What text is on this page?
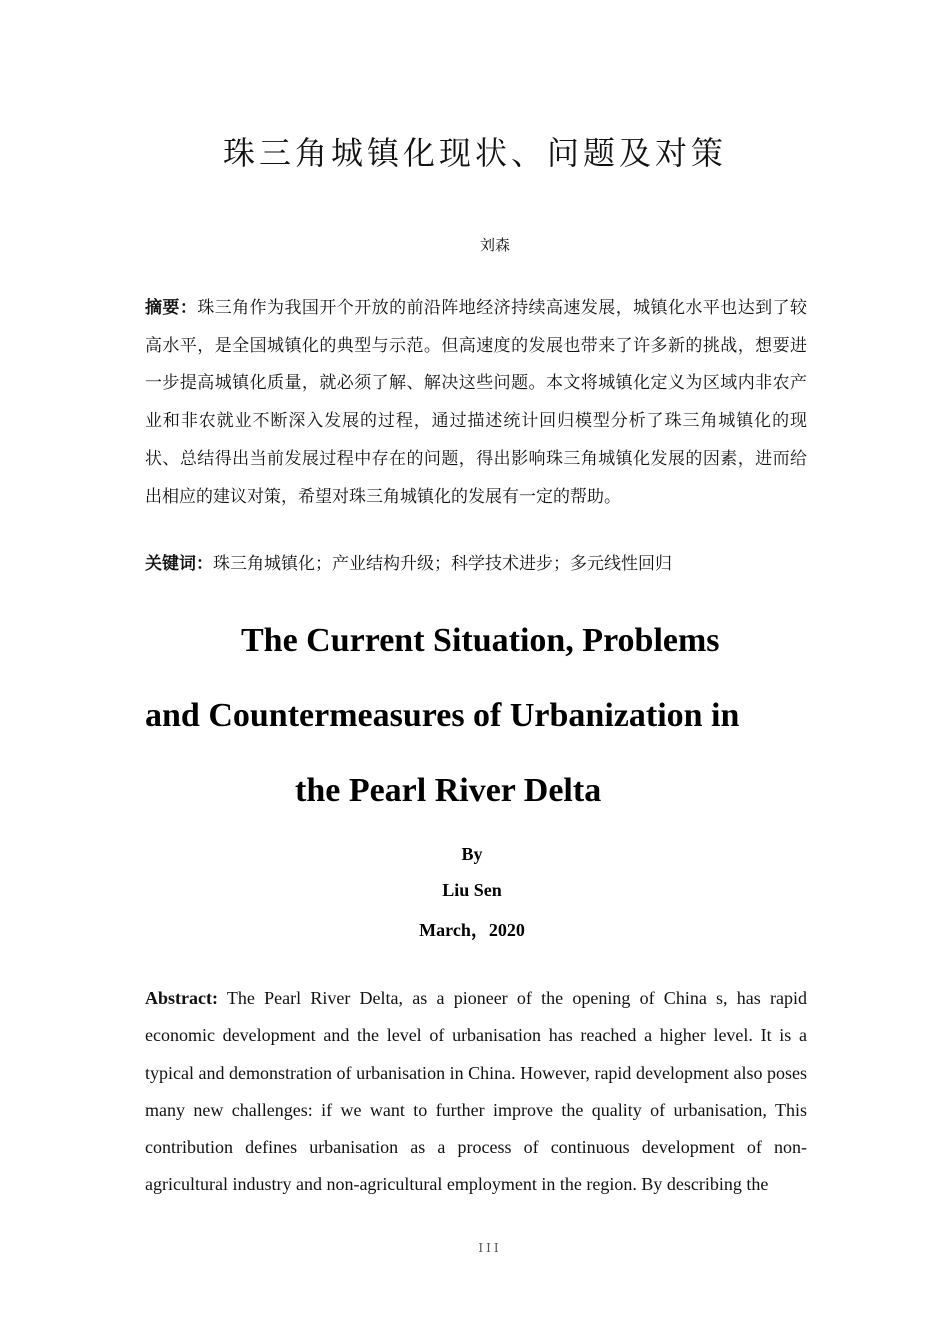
珠三角城镇化现状、问题及对策
刘森
摘要：珠三角作为我国开个开放的前沿阵地经济持续高速发展，城镇化水平也达到了较高水平，是全国城镇化的典型与示范。但高速度的发展也带来了许多新的挑战，想要进一步提高城镇化质量，就必须了解、解决这些问题。本文将城镇化定义为区域内非农产业和非农就业不断深入发展的过程，通过描述统计回归模型分析了珠三角城镇化的现状、总结得出当前发展过程中存在的问题，得出影响珠三角城镇化发展的因素，进而给出相应的建议对策，希望对珠三角城镇化的发展有一定的帮助。
关键词：珠三角城镇化；产业结构升级；科学技术进步；多元线性回归
The Current Situation, Problems
and Countermeasures of Urbanization in
the Pearl River Delta
By
Liu Sen
March，2020
Abstract: The Pearl River Delta, as a pioneer of the opening of China s, has rapid economic development and the level of urbanisation has reached a higher level. It is a typical and demonstration of urbanisation in China. However, rapid development also poses many new challenges: if we want to further improve the quality of urbanisation, This contribution defines urbanisation as a process of continuous development of non-agricultural industry and non-agricultural employment in the region. By describing the
III
